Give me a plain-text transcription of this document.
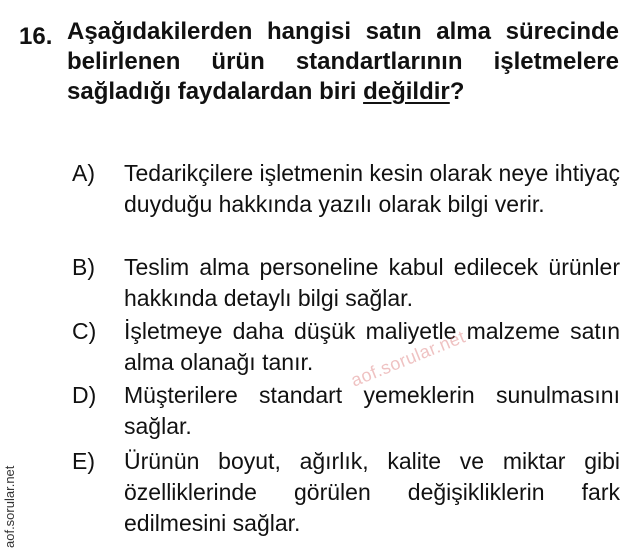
16. Aşağıdakilerden hangisi satın alma sürecinde belirlenen ürün standartlarının işletmelere sağladığı faydalardan biri değildir?
A)	Tedarikçilere işletmenin kesin olarak neye ihtiyaç duyduğu hakkında yazılı olarak bilgi verir.
B)	Teslim alma personeline kabul edilecek ürünler hakkında detaylı bilgi sağlar.
C)	İşletmeye daha düşük maliyetle malzeme satın alma olanağı tanır.
D)	Müşterilere standart yemeklerin sunulmasını sağlar.
E)	Ürünün boyut, ağırlık, kalite ve miktar gibi özelliklerinde görülen değişikliklerin fark edilmesini sağlar.
aof.sorular.net
aof.sorular.net
